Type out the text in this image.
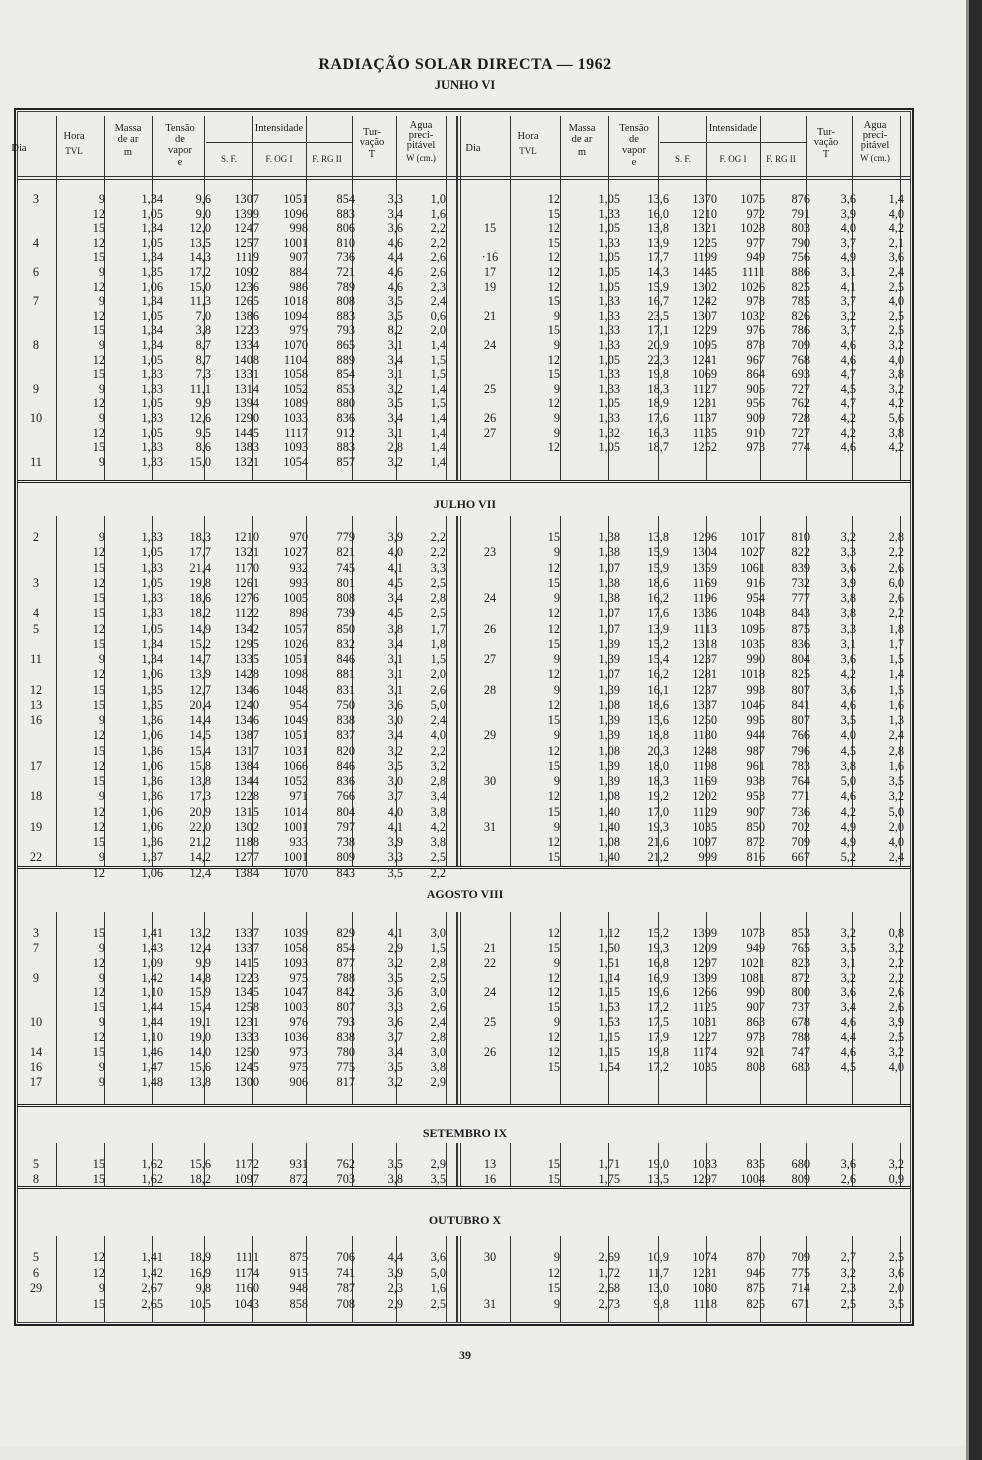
RADIAÇÃO SOLAR DIRECTA — 1962
JUNHO VI
Dia
Hora
TVL
Massa
de ar
m
Tensão
de
vapor
e
Intensidade
S. F.	F. OG I	F. RG II
Tur-
vação
T
Agua
preci-
pitável
W (cm.)
Dia
Hora
TVL
Massa
de ar
m
Tensão
de
vapor
e
Intensidade
S. F.	F. OG I	F. RG II
Tur-
vação
T
Agua
preci-
pitável
W (cm.)
3	9	1,34	9,6	1307	1051	854	3,3	1,0
12	1,05	9,0	1399	1096	883	3,4	1,6
15	1,34	12,0	1247	998	806	3,6	2,2
4	12	1,05	13,5	1257	1001	810	4,6	2,2
15	1,34	14,3	1119	907	736	4,4	2,6
6	9	1,35	17,2	1092	884	721	4,6	2,6
12	1,06	15,0	1236	986	789	4,6	2,3
7	9	1,34	11,3	1265	1018	808	3,5	2,4
12	1,05	7,0	1386	1094	883	3,5	0,6
15	1,34	3,8	1223	979	793	8,2	2,0
8	9	1,34	8,7	1334	1070	865	3,1	1,4
12	1,05	8,7	1408	1104	889	3,4	1,5
15	1,33	7,3	1331	1058	854	3,1	1,5
9	9	1,33	11,1	1314	1052	853	3,2	1,4
12	1,05	9,9	1394	1089	880	3,5	1,5
10	9	1,33	12,6	1290	1033	836	3,4	1,4
12	1,05	9,5	1445	1117	912	3,1	1,4
15	1,33	8,6	1383	1093	883	2,8	1,4
11	9	1,33	15,0	1321	1054	857	3,2	1,4
12	1,05	13,6	1370	1075	876	3,6	1,4
15	1,33	16,0	1210	972	791	3,9	4,0
15	12	1,05	13,8	1321	1028	803	4,0	4,2
15	1,33	13,9	1225	977	790	3,7	2,1
·16	12	1,05	17,7	1199	949	756	4,9	3,6
17	12	1,05	14,3	1445	1111	886	3,1	2,4
19	12	1,05	15,9	1302	1026	825	4,1	2,5
15	1,33	16,7	1242	978	785	3,7	4,0
21	9	1,33	23,5	1307	1032	826	3,2	2,5
15	1,33	17,1	1229	976	786	3,7	2,5
24	9	1,33	20,9	1095	878	709	4,6	3,2
12	1,05	22,3	1241	967	768	4,6	4,0
15	1,33	19,8	1069	864	693	4,7	3,8
25	9	1,33	18,3	1127	905	727	4,5	3,2
12	1,05	18,9	1231	956	762	4,7	4,2
26	9	1,33	17,6	1137	909	728	4,2	5,6
27	9	1,32	16,3	1135	910	727	4,2	3,8
12	1,05	18,7	1252	973	774	4,6	4,2
JULHO VII
2	9	1,33	18,3	1210	970	779	3,9	2,2
12	1,05	17,7	1321	1027	821	4,0	2,2
15	1,33	21,4	1170	932	745	4,1	3,3
3	12	1,05	19,8	1261	993	801	4,5	2,5
15	1,33	18,6	1276	1005	808	3,4	2,8
4	15	1,33	18,2	1122	898	739	4,5	2,5
5	12	1,05	14,9	1342	1057	850	3,8	1,7
15	1,34	15,2	1295	1026	832	3,4	1,8
11	9	1,34	14,7	1335	1051	846	3,1	1,5
12	1,06	13,9	1428	1098	881	3,1	2,0
12	15	1,35	12,7	1346	1048	831	3,1	2,6
13	15	1,35	20,4	1240	954	750	3,6	5,0
16	9	1,36	14,4	1346	1049	838	3,0	2,4
12	1,06	14,5	1387	1051	837	3,4	4,0
15	1,36	15,4	1317	1031	820	3,2	2,2
17	12	1,06	15,8	1384	1066	846	3,5	3,2
15	1,36	13,8	1344	1052	836	3,0	2,8
18	9	1,36	17,3	1228	971	766	3,7	3,4
12	1,06	20,9	1315	1014	804	4,0	3,8
19	12	1,06	22,0	1302	1001	797	4,1	4,2
15	1,36	21,2	1188	933	738	3,9	3,8
22	9	1,37	14,2	1277	1001	809	3,3	2,5
12	1,06	12,4	1384	1070	843	3,5	2,2
15	1,38	13,8	1296	1017	810	3,2	2,8
23	9	1,38	15,9	1304	1027	822	3,3	2,2
12	1,07	15,9	1359	1061	839	3,6	2,6
15	1,38	18,6	1169	916	732	3,9	6,0
24	9	1,38	16,2	1196	954	777	3,8	2,6
12	1,07	17,6	1336	1048	843	3,8	2,2
26	12	1,07	13,9	1113	1095	875	3,3	1,8
15	1,39	15,2	1318	1035	836	3,1	1,7
27	9	1,39	15,4	1237	990	804	3,6	1,5
12	1,07	16,2	1281	1018	825	4,2	1,4
28	9	1,39	16,1	1237	993	807	3,6	1,5
12	1,08	18,6	1337	1046	841	4,6	1,6
15	1,39	15,6	1250	995	807	3,5	1,3
29	9	1,39	18,8	1180	944	766	4,0	2,4
12	1,08	20,3	1248	987	796	4,5	2,8
15	1,39	18,0	1198	961	783	3,8	1,6
30	9	1,39	18,3	1169	938	764	5,0	3,5
12	1,08	19,2	1202	953	771	4,6	3,2
15	1,40	17,0	1129	907	736	4,2	5,0
31	9	1,40	19,3	1035	850	702	4,9	2,0
12	1,08	21,6	1097	872	709	4,9	4,0
15	1,40	21,2	999	816	667	5,2	2,4
AGOSTO VIII
3	15	1,41	13,2	1337	1039	829	4,1	3,0
7	9	1,43	12,4	1337	1058	854	2,9	1,5
12	1,09	9,9	1415	1093	877	3,2	2,8
9	9	1,42	14,8	1223	975	788	3,5	2,5
12	1,10	15,9	1345	1047	842	3,6	3,0
15	1,44	15,4	1258	1003	807	3,3	2,6
10	9	1,44	19,1	1231	976	793	3,6	2,4
12	1,10	19,0	1333	1036	838	3,7	2,8
14	15	1,46	14,0	1250	973	780	3,4	3,0
16	9	1,47	15,6	1245	975	775	3,5	3,8
17	9	1,48	13,8	1300	906	817	3,2	2,9
12	1,12	15,2	1399	1073	853	3,2	0,8
21	15	1,50	19,3	1209	949	765	3,5	3,2
22	9	1,51	16,8	1297	1021	823	3,1	2,2
12	1,14	16,9	1399	1081	872	3,2	2,2
24	12	1,15	19,6	1266	990	800	3,6	2,6
15	1,53	17,2	1125	907	737	3,4	2,6
25	9	1,53	17,5	1031	863	678	4,6	3,9
12	1,15	17,9	1227	973	788	4,4	2,5
26	12	1,15	19,8	1174	921	747	4,6	3,2
15	1,54	17,2	1035	808	683	4,5	4,0
SETEMBRO IX
5	15	1,62	15,6	1172	931	762	3,5	2,9
8	15	1,62	18,2	1097	872	703	3,8	3,5
13	15	1,71	19,0	1033	835	680	3,6	3,2
16	15	1,75	13,5	1297	1004	809	2,6	0,9
OUTUBRO X
5	12	1,41	18,9	1111	875	706	4,4	3,6
6	12	1,42	16,9	1174	915	741	3,9	5,0
29	9	2,67	9,8	1160	948	787	2,3	1,6
15	2,65	10,5	1043	858	708	2,9	2,5
30	9	2,69	10,9	1074	870	709	2,7	2,5
12	1,72	11,7	1231	946	775	3,2	3,6
15	2,68	13,0	1080	875	714	2,3	2,0
31	9	2,73	9,8	1118	825	671	2,5	3,5
39
